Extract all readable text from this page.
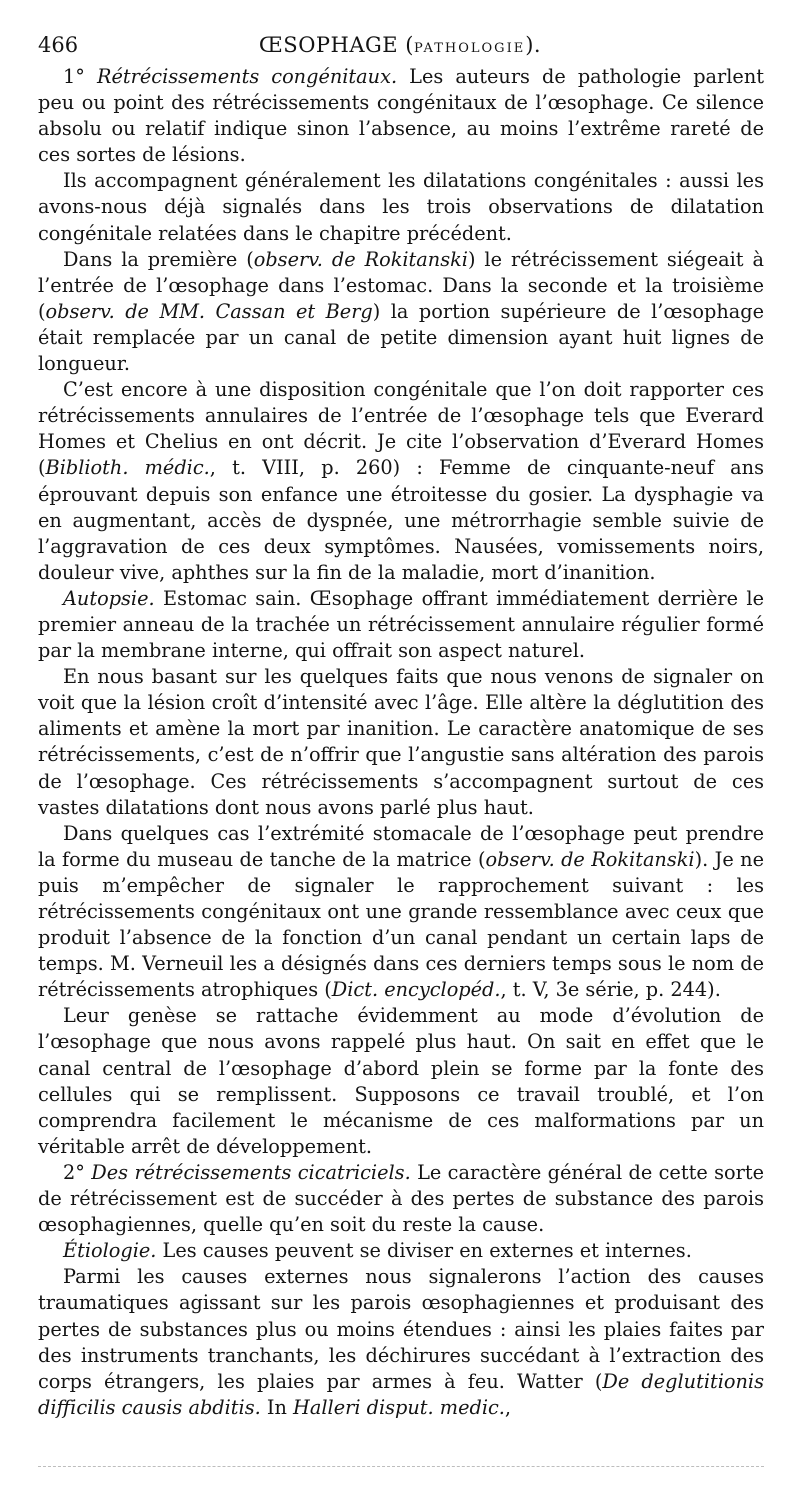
466	ŒSOPHAGE (PATHOLOGIE).

1° Rétrécissements congénitaux. Les auteurs de pathologie parlent peu ou point des rétrécissements congénitaux de l’œsophage. Ce silence absolu ou relatif indique sinon l’absence, au moins l’extrême rareté de ces sortes de lésions.

Ils accompagnent généralement les dilatations congénitales : aussi les avons-nous déjà signalés dans les trois observations de dilatation congénitale relatées dans le chapitre précédent.

Dans la première (observ. de Rokitanski) le rétrécissement siégeait à l’entrée de l’œsophage dans l’estomac. Dans la seconde et la troisième (observ. de MM. Cassan et Berg) la portion supérieure de l’œsophage était remplacée par un canal de petite dimension ayant huit lignes de longueur.

C’est encore à une disposition congénitale que l’on doit rapporter ces rétrécissements annulaires de l’entrée de l’œsophage tels que Everard Homes et Chelius en ont décrit. Je cite l’observation d’Everard Homes (Biblioth. médic., t. VIII, p. 260) : Femme de cinquante-neuf ans éprouvant depuis son enfance une étroitesse du gosier. La dysphagie va en augmentant, accès de dyspnée, une métrorrhagie semble suivie de l’aggravation de ces deux symptômes. Nausées, vomissements noirs, douleur vive, aphthes sur la fin de la maladie, mort d’inanition.

Autopsie. Estomac sain. Œsophage offrant immédiatement derrière le premier anneau de la trachée un rétrécissement annulaire régulier formé par la membrane interne, qui offrait son aspect naturel.

En nous basant sur les quelques faits que nous venons de signaler on voit que la lésion croît d’intensité avec l’âge. Elle altère la déglutition des aliments et amène la mort par inanition. Le caractère anatomique de ses rétrécissements, c’est de n’offrir que l’angustie sans altération des parois de l’œsophage. Ces rétrécissements s’accompagnent surtout de ces vastes dilatations dont nous avons parlé plus haut.

Dans quelques cas l’extrémité stomacale de l’œsophage peut prendre la forme du museau de tanche de la matrice (observ. de Rokitanski). Je ne puis m’empêcher de signaler le rapprochement suivant : les rétrécissements congénitaux ont une grande ressemblance avec ceux que produit l’absence de la fonction d’un canal pendant un certain laps de temps. M. Verneuil les a désignés dans ces derniers temps sous le nom de rétrécissements atrophiques (Dict. encyclopéd., t. V, 3e série, p. 244).

Leur genèse se rattache évidemment au mode d’évolution de l’œsophage que nous avons rappelé plus haut. On sait en effet que le canal central de l’œsophage d’abord plein se forme par la fonte des cellules qui se remplissent. Supposons ce travail troublé, et l’on comprendra facilement le mécanisme de ces malformations par un véritable arrêt de développement.

2° Des rétrécissements cicatriciels. Le caractère général de cette sorte de rétrécissement est de succéder à des pertes de substance des parois œsophagiennes, quelle qu’en soit du reste la cause.

Étiologie. Les causes peuvent se diviser en externes et internes.

Parmi les causes externes nous signalerons l’action des causes traumatiques agissant sur les parois œsophagiennes et produisant des pertes de substances plus ou moins étendues : ainsi les plaies faites par des instruments tranchants, les déchirures succédant à l’extraction des corps étrangers, les plaies par armes à feu. Watter (De deglutitionis difficilis causis abditis. In Halleri disput. medic.,
